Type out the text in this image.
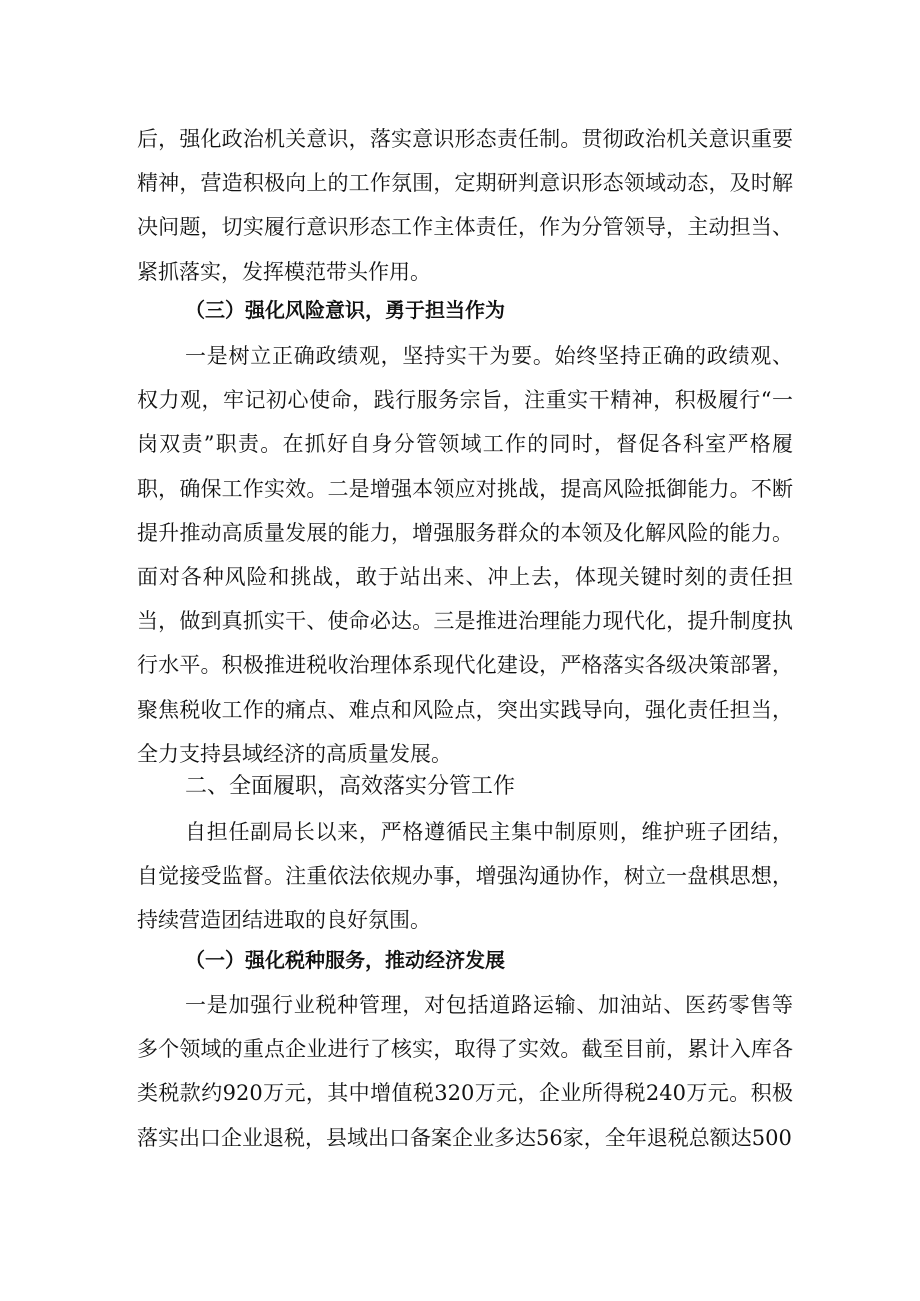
后，强化政治机关意识，落实意识形态责任制。贯彻政治机关意识重要精神，营造积极向上的工作氛围，定期研判意识形态领域动态，及时解决问题，切实履行意识形态工作主体责任，作为分管领导，主动担当、紧抓落实，发挥模范带头作用。
（三）强化风险意识，勇于担当作为
一是树立正确政绩观，坚持实干为要。始终坚持正确的政绩观、权力观，牢记初心使命，践行服务宗旨，注重实干精神，积极履行“一岗双责”职责。在抓好自身分管领域工作的同时，督促各科室严格履职，确保工作实效。二是增强本领应对挑战，提高风险抵御能力。不断提升推动高质量发展的能力，增强服务群众的本领及化解风险的能力。面对各种风险和挑战，敢于站出来、冲上去，体现关键时刻的责任担当，做到真抓实干、使命必达。三是推进治理能力现代化，提升制度执行水平。积极推进税收治理体系现代化建设，严格落实各级决策部署，聚焦税收工作的痛点、难点和风险点，突出实践导向，强化责任担当，全力支持县域经济的高质量发展。
二、全面履职，高效落实分管工作
自担任副局长以来，严格遵循民主集中制原则，维护班子团结，自觉接受监督。注重依法依规办事，增强沟通协作，树立一盘棋思想，持续营造团结进取的良好氛围。
（一）强化税种服务，推动经济发展
一是加强行业税种管理，对包括道路运输、加油站、医药零售等多个领域的重点企业进行了核实，取得了实效。截至目前，累计入库各类税款约920万元，其中增值税320万元，企业所得税240万元。积极落实出口企业退税，县域出口备案企业多达56家，全年退税总额达500
